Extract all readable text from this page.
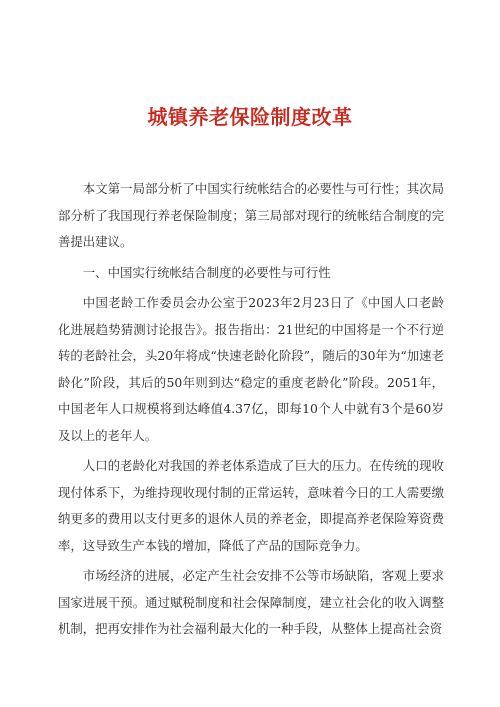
城镇养老保险制度改革

本文第一局部分析了中国实行统帐结合的必要性与可行性；其次局部分析了我国现行养老保险制度；第三局部对现行的统帐结合制度的完善提出建议。

一、中国实行统帐结合制度的必要性与可行性

中国老龄工作委员会办公室于2023年2月23日了《中国人口老龄化进展趋势猜测讨论报告》。报告指出：21世纪的中国将是一个不行逆转的老龄社会，头20年将成“快速老龄化阶段”，随后的30年为“加速老龄化”阶段，其后的50年则到达“稳定的重度老龄化”阶段。2051年，中国老年人口规模将到达峰值4.37亿，即每10个人中就有3个是60岁及以上的老年人。

人口的老龄化对我国的养老体系造成了巨大的压力。在传统的现收现付体系下，为维持现收现付制的正常运转，意味着今日的工人需要缴纳更多的费用以支付更多的退休人员的养老金，即提高养老保险筹资费率，这导致生产本钱的增加，降低了产品的国际竞争力。

市场经济的进展，必定产生社会安排不公等市场缺陷，客观上要求国家进展干预。通过赋税制度和社会保障制度，建立社会化的收入调整机制，把再安排作为社会福利最大化的一种手段，从整体上提高社会资
